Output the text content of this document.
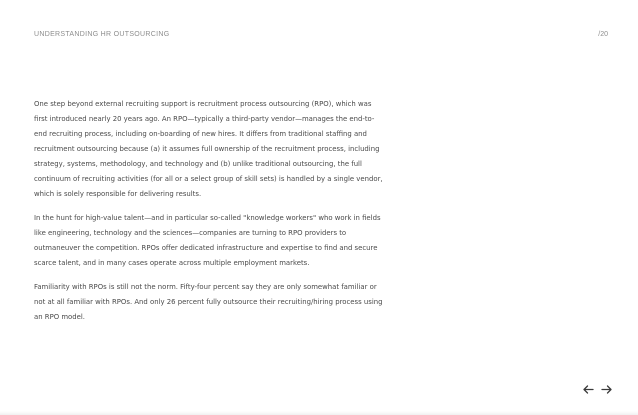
UNDERSTANDING HR OUTSOURCING	/20

One step beyond external recruiting support is recruitment process outsourcing (RPO), which was first introduced nearly 20 years ago. An RPO—typically a third-party vendor—manages the end-to-end recruiting process, including on-boarding of new hires. It differs from traditional staffing and recruitment outsourcing because (a) it assumes full ownership of the recruitment process, including strategy, systems, methodology, and technology and (b) unlike traditional outsourcing, the full continuum of recruiting activities (for all or a select group of skill sets) is handled by a single vendor, which is solely responsible for delivering results.

In the hunt for high-value talent—and in particular so-called "knowledge workers" who work in fields like engineering, technology and the sciences—companies are turning to RPO providers to outmaneuver the competition. RPOs offer dedicated infrastructure and expertise to find and secure scarce talent, and in many cases operate across multiple employment markets.

Familiarity with RPOs is still not the norm. Fifty-four percent say they are only somewhat familiar or not at all familiar with RPOs. And only 26 percent fully outsource their recruiting/hiring process using an RPO model.
